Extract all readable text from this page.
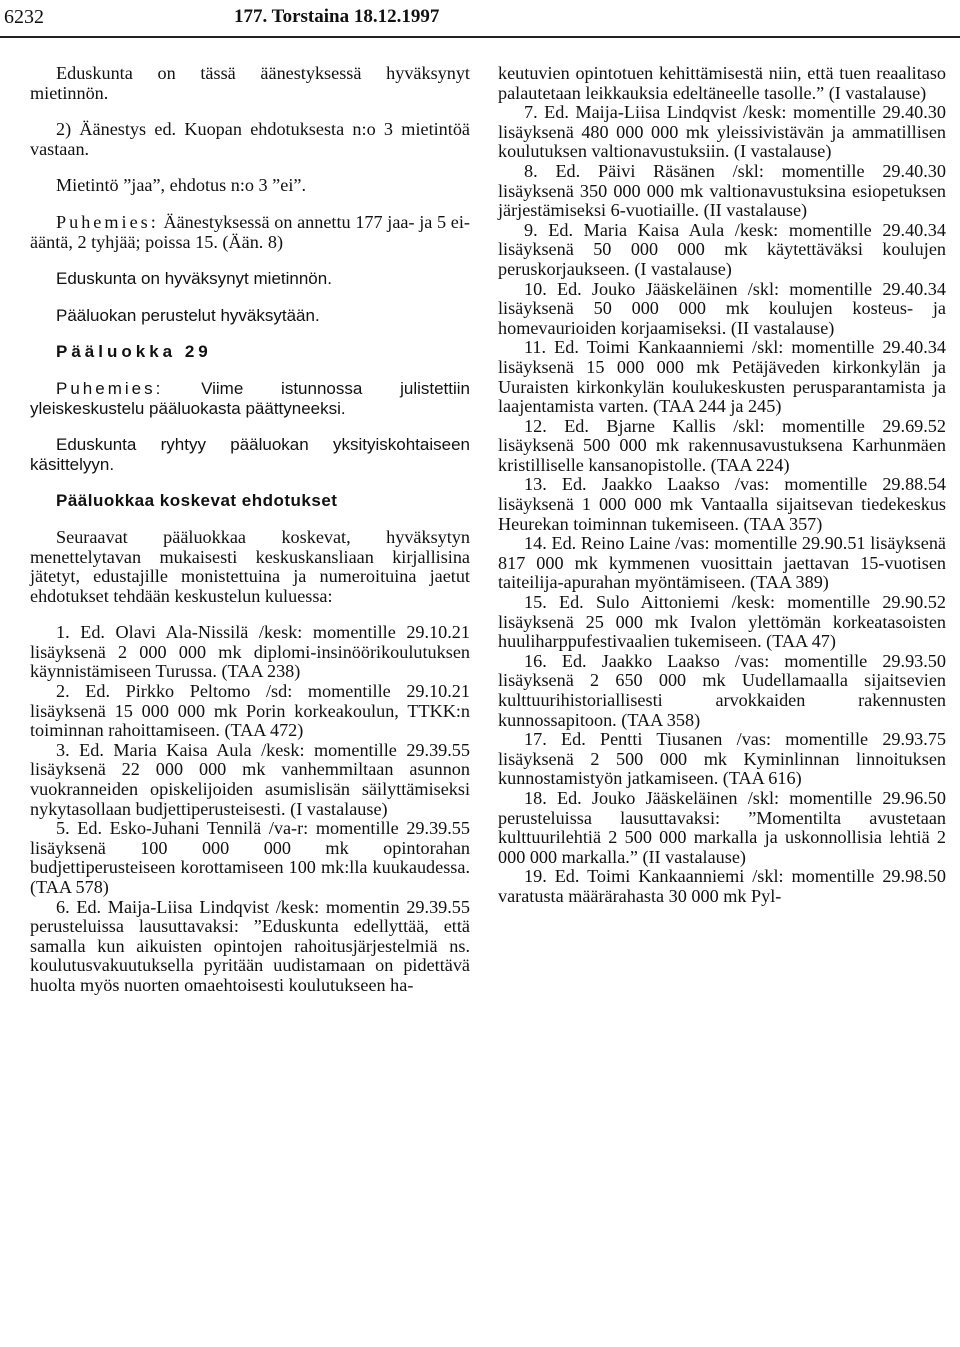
6232	177. Torstaina 18.12.1997

Eduskunta on tässä äänestyksessä hyväksynyt mietinnön.

2) Äänestys ed. Kuopan ehdotuksesta n:o 3 mietintöä vastaan.

Mietintö ”jaa”, ehdotus n:o 3 ”ei”.

Puhemies: Äänestyksessä on annettu 177 jaa- ja 5 ei-ääntä, 2 tyhjää; poissa 15. (Ään. 8)

Eduskunta on hyväksynyt mietinnön.

Pääluokan perustelut hyväksytään.

Pääluokka 29

Puhemies: Viime istunnossa julistettiin yleiskeskustelu pääluokasta päättyneeksi.

Eduskunta ryhtyy pääluokan yksityiskohtaiseen käsittelyyn.

Pääluokkaa koskevat ehdotukset

Seuraavat pääluokkaa koskevat, hyväksytyn menettelytavan mukaisesti keskuskansliaan kirjallisina jätetyt, edustajille monistettuina ja numeroituina jaetut ehdotukset tehdään keskustelun kuluessa:

1. Ed. Olavi Ala-Nissilä /kesk: momentille 29.10.21 lisäyksenä 2 000 000 mk diplomi-insinöörikoulutuksen käynnistämiseen Turussa. (TAA 238)

2. Ed. Pirkko Peltomo /sd: momentille 29.10.21 lisäyksenä 15 000 000 mk Porin korkeakoulun, TTKK:n toiminnan rahoittamiseen. (TAA 472)

3. Ed. Maria Kaisa Aula /kesk: momentille 29.39.55 lisäyksenä 22 000 000 mk vanhemmiltaan asunnon vuokranneiden opiskelijoiden asumislisän säilyttämiseksi nykytasollaan budjettiperusteisesti. (I vastalause)

5. Ed. Esko-Juhani Tennilä /va-r: momentille 29.39.55 lisäyksenä 100 000 000 mk opintorahan budjettiperusteiseen korottamiseen 100 mk:lla kuukaudessa. (TAA 578)

6. Ed. Maija-Liisa Lindqvist /kesk: momentin 29.39.55 perusteluissa lausuttavaksi: ”Eduskunta edellyttää, että samalla kun aikuisten opintojen rahoitusjärjestelmiä ns. koulutusvakuutuksella pyritään uudistamaan on pidettävä huolta myös nuorten omaehtoisesti koulutukseen ha-

keutuvien opintotuen kehittämisestä niin, että tuen reaalitaso palautetaan leikkauksia edeltäneelle tasolle.” (I vastalause)

7. Ed. Maija-Liisa Lindqvist /kesk: momentille 29.40.30 lisäyksenä 480 000 000 mk yleissivistävän ja ammatillisen koulutuksen valtionavustuksiin. (I vastalause)

8. Ed. Päivi Räsänen /skl: momentille 29.40.30 lisäyksenä 350 000 000 mk valtionavustuksina esiopetuksen järjestämiseksi 6-vuotiaille. (II vastalause)

9. Ed. Maria Kaisa Aula /kesk: momentille 29.40.34 lisäyksenä 50 000 000 mk käytettäväksi koulujen peruskorjaukseen. (I vastalause)

10. Ed. Jouko Jääskeläinen /skl: momentille 29.40.34 lisäyksenä 50 000 000 mk koulujen kosteus- ja homevaurioiden korjaamiseksi. (II vastalause)

11. Ed. Toimi Kankaanniemi /skl: momentille 29.40.34 lisäyksenä 15 000 000 mk Petäjäveden kirkonkylän ja Uuraisten kirkonkylän koulukeskusten perusparantamista ja laajentamista varten. (TAA 244 ja 245)

12. Ed. Bjarne Kallis /skl: momentille 29.69.52 lisäyksenä 500 000 mk rakennusavustuksena Karhunmäen kristilliselle kansanopistolle. (TAA 224)

13. Ed. Jaakko Laakso /vas: momentille 29.88.54 lisäyksenä 1 000 000 mk Vantaalla sijaitsevan tiedekeskus Heurekan toiminnan tukemiseen. (TAA 357)

14. Ed. Reino Laine /vas: momentille 29.90.51 lisäyksenä 817 000 mk kymmenen vuosittain jaettavan 15-vuotisen taiteilija-apurahan myöntämiseen. (TAA 389)

15. Ed. Sulo Aittoniemi /kesk: momentille 29.90.52 lisäyksenä 25 000 mk Ivalon ylettömän korkeatasoisten huuliharppufestivaalien tukemiseen. (TAA 47)

16. Ed. Jaakko Laakso /vas: momentille 29.93.50 lisäyksenä 2 650 000 mk Uudellamaalla sijaitsevien kulttuurihistoriallisesti arvokkaiden rakennusten kunnossapitoon. (TAA 358)

17. Ed. Pentti Tiusanen /vas: momentille 29.93.75 lisäyksenä 2 500 000 mk Kyminlinnan linnoituksen kunnostamistyön jatkamiseen. (TAA 616)

18. Ed. Jouko Jääskeläinen /skl: momentille 29.96.50 perusteluissa lausuttavaksi: ”Momentilta avustetaan kulttuurilehtiä 2 500 000 markalla ja uskonnollisia lehtiä 2 000 000 markalla.” (II vastalause)

19. Ed. Toimi Kankaanniemi /skl: momentille 29.98.50 varatusta määrärahasta 30 000 mk Pyl-
